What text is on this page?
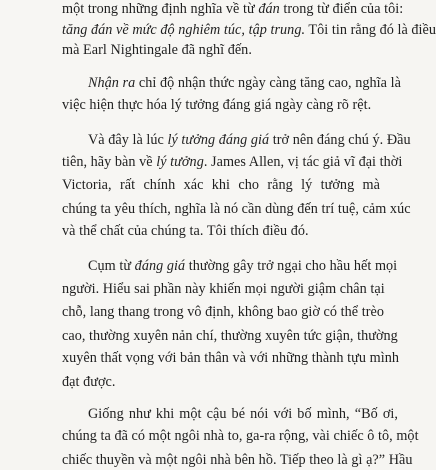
một trong những định nghĩa về từ đán trong từ điển của tôi:
tăng đán về mức độ nghiêm túc, tập trung. Tôi tin rằng đó là điều
mà Earl Nightingale đã nghĩ đến.
Nhận ra chỉ độ nhận thức ngày càng tăng cao, nghĩa là
việc hiện thực hóa lý tưởng đáng giá ngày càng rõ rệt.
Và đây là lúc lý tưởng đáng giá trở nên đáng chú ý. Đầu
tiên, hãy bàn về lý tưởng. James Allen, vị tác giả vĩ đại thời
Victoria, rất chính xác khi cho rằng lý tưởng mà
chúng ta yêu thích, nghĩa là nó cần dùng đến trí tuệ, cảm xúc
và thể chất của chúng ta. Tôi thích điều đó.
Cụm từ đáng giá thường gây trở ngại cho hầu hết mọi
người. Hiểu sai phần này khiến mọi người giậm chân tại
chỗ, lang thang trong vô định, không bao giờ có thể trèo
cao, thường xuyên nản chí, thường xuyên tức giận, thường
xuyên thất vọng với bản thân và với những thành tựu mình
đạt được.
Giống như khi một cậu bé nói với bố mình, “Bố ơi,
chúng ta đã có một ngôi nhà to, ga-ra rộng, vài chiếc ô tô, một
chiếc thuyền và một ngôi nhà bên hồ. Tiếp theo là gì ạ?” Hầu
